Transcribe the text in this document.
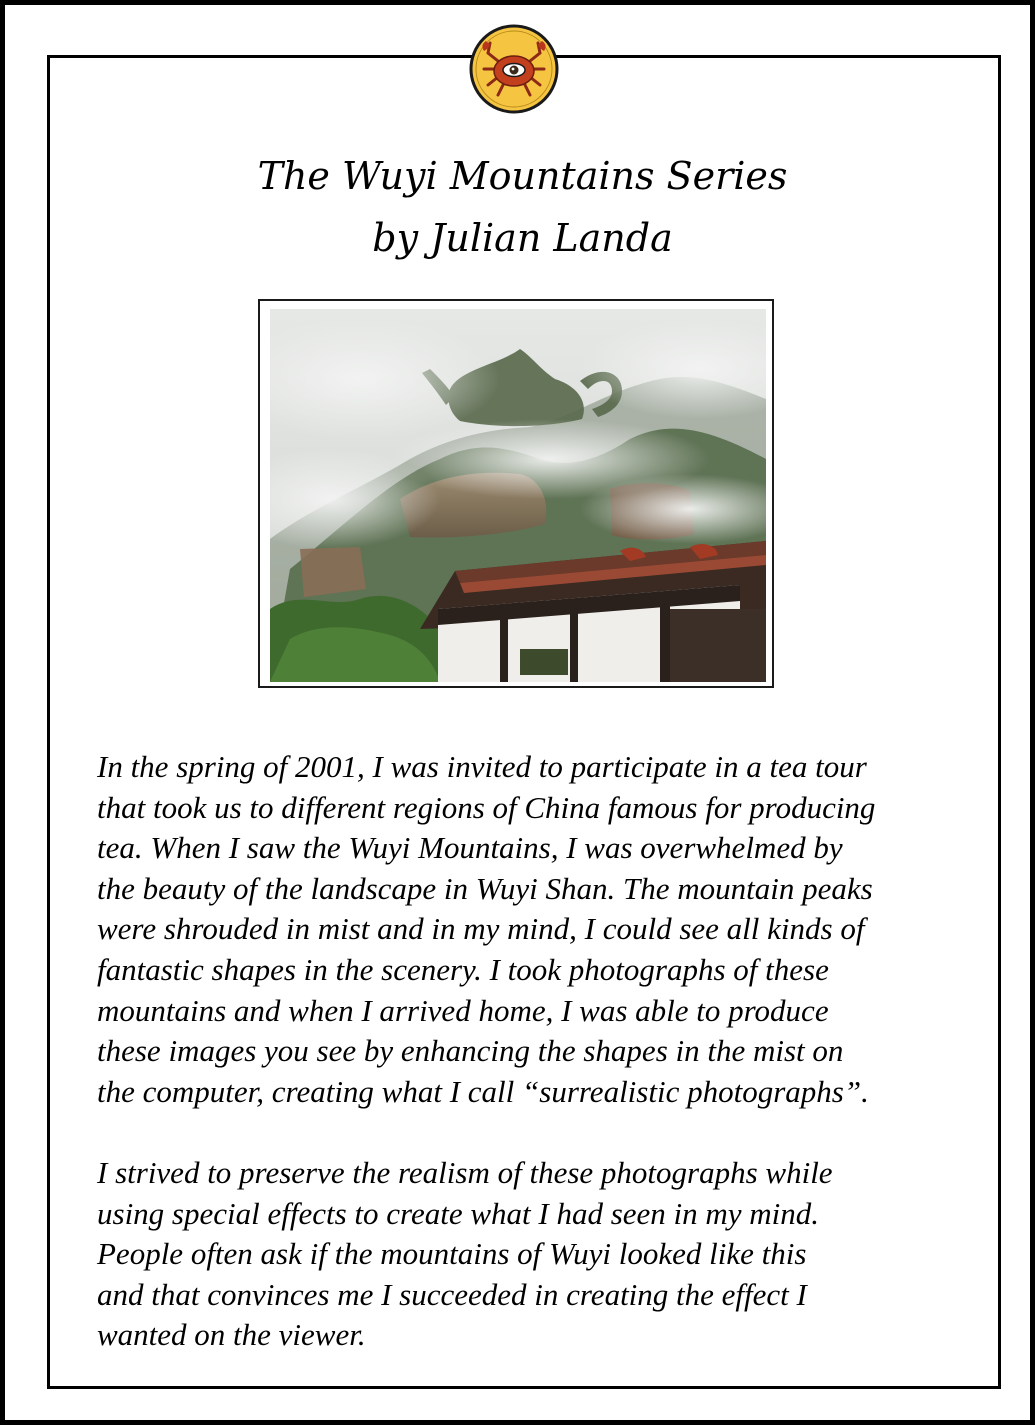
The Wuyi Mountains Series
by Julian Landa
In the spring of 2001, I was invited to participate in a tea tour
that took us to different regions of China famous for producing
tea. When I saw the Wuyi Mountains, I was overwhelmed by
the beauty of the landscape in Wuyi Shan. The mountain peaks
were shrouded in mist and in my mind, I could see all kinds of
fantastic shapes in the scenery. I took photographs of these
mountains and when I arrived home, I was able to produce
these images you see by enhancing the shapes in the mist on
the computer, creating what I call “surrealistic photographs”.
I strived to preserve the realism of these photographs while
using special effects to create what I had seen in my mind.
People often ask if the mountains of Wuyi looked like this
and that convinces me I succeeded in creating the effect I
wanted on the viewer.
